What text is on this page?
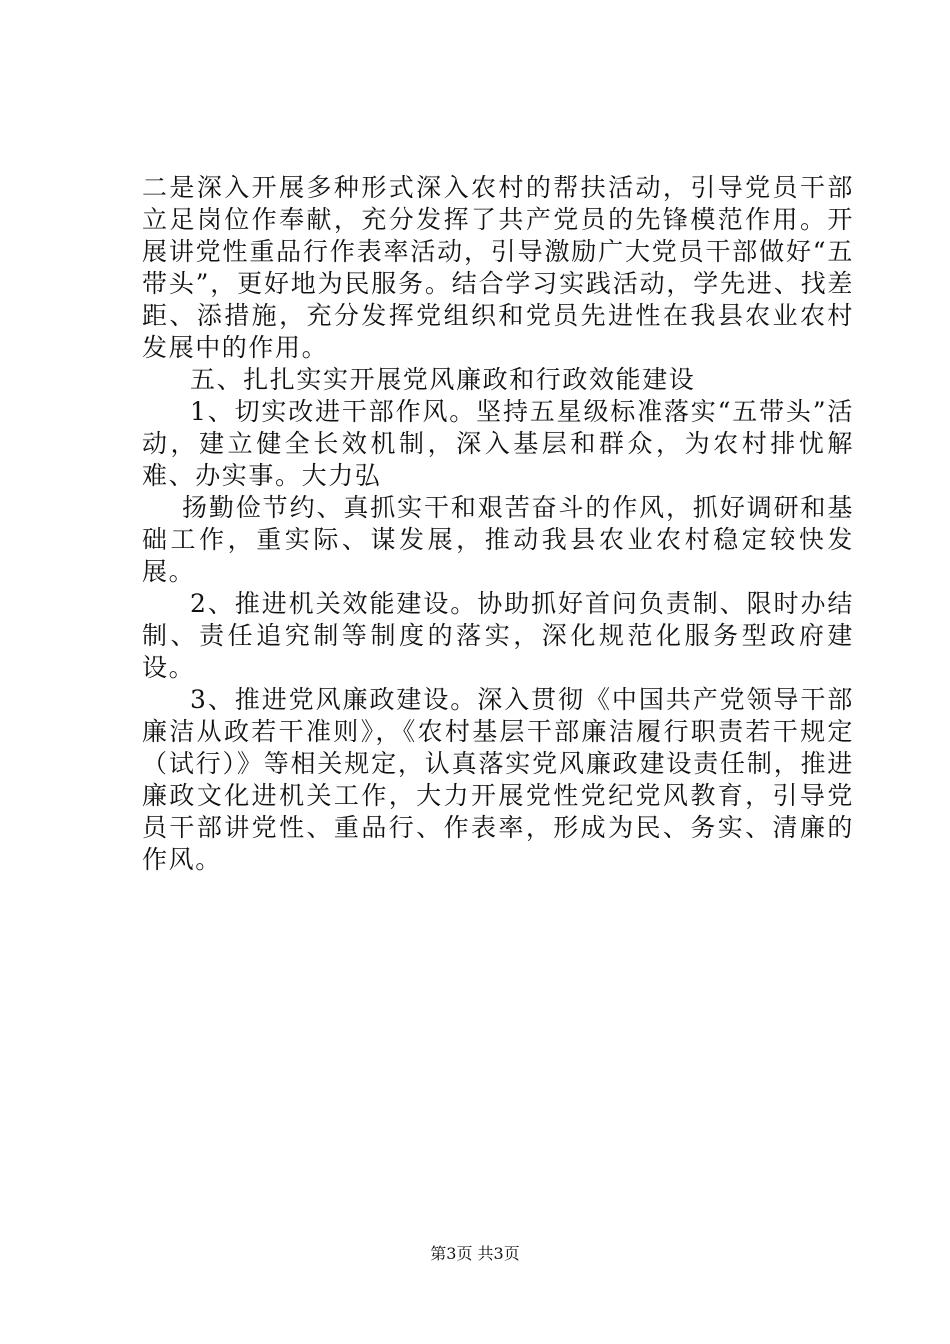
二是深入开展多种形式深入农村的帮扶活动，引导党员干部立足岗位作奉献，充分发挥了共产党员的先锋模范作用。开展讲党性重品行作表率活动，引导激励广大党员干部做好“五带头”，更好地为民服务。结合学习实践活动，学先进、找差距、添措施，充分发挥党组织和党员先进性在我县农业农村发展中的作用。

五、扎扎实实开展党风廉政和行政效能建设

1、切实改进干部作风。坚持五星级标准落实“五带头”活动，建立健全长效机制，深入基层和群众，为农村排忧解难、办实事。大力弘

扬勤俭节约、真抓实干和艰苦奋斗的作风，抓好调研和基础工作，重实际、谋发展，推动我县农业农村稳定较快发展。

2、推进机关效能建设。协助抓好首问负责制、限时办结制、责任追究制等制度的落实，深化规范化服务型政府建设。

3、推进党风廉政建设。深入贯彻《中国共产党领导干部廉洁从政若干准则》，《农村基层干部廉洁履行职责若干规定（试行）》等相关规定，认真落实党风廉政建设责任制，推进廉政文化进机关工作，大力开展党性党纪党风教育，引导党员干部讲党性、重品行、作表率，形成为民、务实、清廉的作风。

第3页 共3页
